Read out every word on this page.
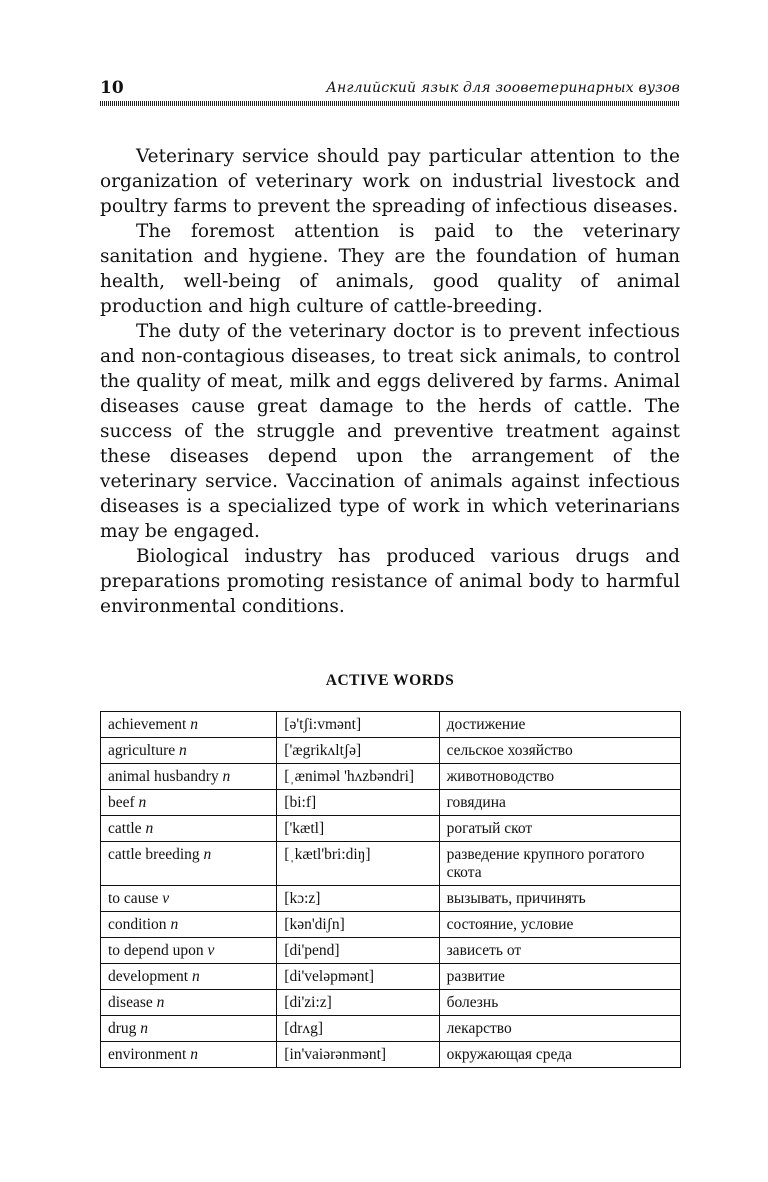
10	Английский язык для зооветеринарных вузов

Veterinary service should pay particular attention to the organization of veterinary work on industrial livestock and poultry farms to prevent the spreading of infectious diseases.

The foremost attention is paid to the veterinary sanitation and hygiene. They are the foundation of human health, well-being of animals, good quality of animal production and high culture of cattle-breeding.

The duty of the veterinary doctor is to prevent infectious and non-contagious diseases, to treat sick animals, to control the quality of meat, milk and eggs delivered by farms. Animal diseases cause great damage to the herds of cattle. The success of the struggle and preventive treatment against these diseases depend upon the arrangement of the veterinary service. Vaccination of animals against infectious diseases is a specialized type of work in which veterinarians may be engaged.

Biological industry has produced various drugs and preparations promoting resistance of animal body to harmful environmental conditions.

ACTIVE WORDS
achievement n	[ə'tʃi:vmənt]	достижение
agriculture n	['ægrikʌltʃə]	сельское хозяйство
animal husbandry n	[ˌænimәl 'hʌzbәndri]	животноводство
beef n	[bi:f]	говядина
cattle n	['kætl]	рогатый скот
cattle breeding n	[ˌkætl'bri:diŋ]	разведение крупного рогатого скота
to cause v	[kɔ:z]	вызывать, причинять
condition n	[kәn'diʃn]	состояние, условие
to depend upon v	[di'pend]	зависеть от
development n	[di'velәpmәnt]	развитие
disease n	[di'zi:z]	болезнь
drug n	[drʌg]	лекарство
environment n	[in'vaiәrәnmәnt]	окружающая среда
